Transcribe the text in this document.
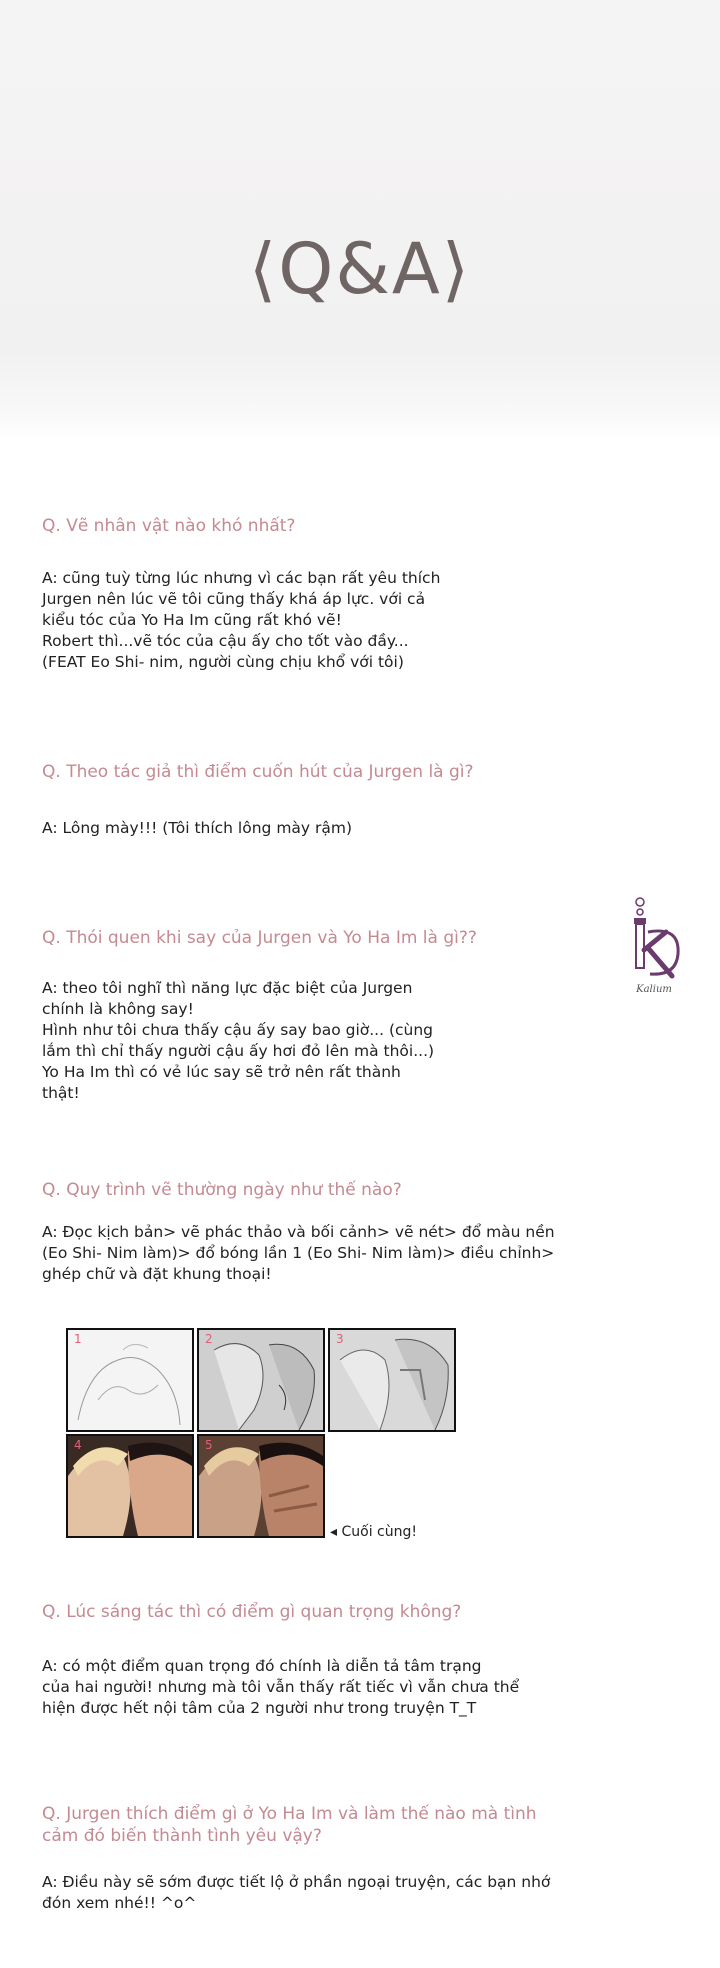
⟨Q&A⟩
Q. Vẽ nhân vật nào khó nhất?
A: cũng tuỳ từng lúc nhưng vì các bạn rất yêu thích
Jurgen nên lúc vẽ tôi cũng thấy khá áp lực. với cả
kiểu tóc của Yo Ha Im cũng rất khó vẽ!
Robert thì...vẽ tóc của cậu ấy cho tốt vào đầy...
(FEAT Eo Shi- nim, người cùng chịu khổ với tôi)
Q. Theo tác giả thì điểm cuốn hút của Jurgen là gì?
A: Lông mày!!! (Tôi thích lông mày rậm)
Q. Thói quen khi say của Jurgen và Yo Ha Im là gì??
A: theo tôi nghĩ thì năng lực đặc biệt của Jurgen
chính là không say!
Hình như tôi chưa thấy cậu ấy say bao giờ... (cùng
lắm thì chỉ thấy người cậu ấy hơi đỏ lên mà thôi...)
Yo Ha Im thì có vẻ lúc say sẽ trở nên rất thành
thật!
Kalium
Q. Quy trình vẽ thường ngày như thế nào?
A: Đọc kịch bản> vẽ phác thảo và bối cảnh> vẽ nét> đổ màu nền
(Eo Shi- Nim làm)> đổ bóng lần 1 (Eo Shi- Nim làm)> điều chỉnh>
ghép chữ và đặt khung thoại!
1	2	3
4	5
◂ Cuối cùng!
Q. Lúc sáng tác thì có điểm gì quan trọng không?
A: có một điểm quan trọng đó chính là diễn tả tâm trạng
của hai người! nhưng mà tôi vẫn thấy rất tiếc vì vẫn chưa thể
hiện được hết nội tâm của 2 người như trong truyện T_T
Q. Jurgen thích điểm gì ở Yo Ha Im và làm thế nào mà tình
cảm đó biến thành tình yêu vậy?
A: Điều này sẽ sớm được tiết lộ ở phần ngoại truyện, các bạn nhớ
đón xem nhé!! ^o^
